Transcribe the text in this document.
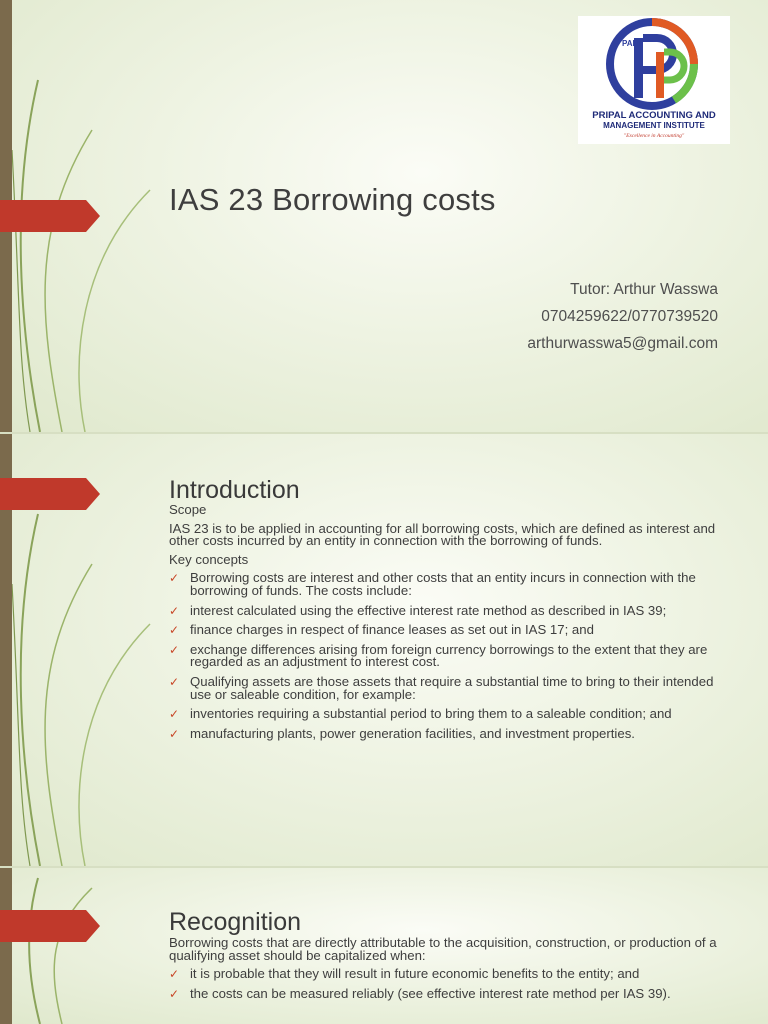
PAMI
PRIPAL ACCOUNTING AND
MANAGEMENT INSTITUTE
"Excellence in Accounting"
IAS 23 Borrowing costs
Tutor: Arthur Wasswa
0704259622/0770739520
arthurwasswa5@gmail.com
Introduction

Scope

IAS 23 is to be applied in accounting for all borrowing costs, which are defined as interest and other costs incurred by an entity in connection with the borrowing of funds.

Key concepts

✓ Borrowing costs are interest and other costs that an entity incurs in connection with the borrowing of funds. The costs include:
✓ interest calculated using the effective interest rate method as described in IAS 39;
✓ finance charges in respect of finance leases as set out in IAS 17; and
✓ exchange differences arising from foreign currency borrowings to the extent that they are regarded as an adjustment to interest cost.
✓ Qualifying assets are those assets that require a substantial time to bring to their intended use or saleable condition, for example:
✓ inventories requiring a substantial period to bring them to a saleable condition; and
✓ manufacturing plants, power generation facilities, and investment properties.
Recognition

Borrowing costs that are directly attributable to the acquisition, construction, or production of a qualifying asset should be capitalized when:

✓ it is probable that they will result in future economic benefits to the entity; and
✓ the costs can be measured reliably (see effective interest rate method per IAS 39).
